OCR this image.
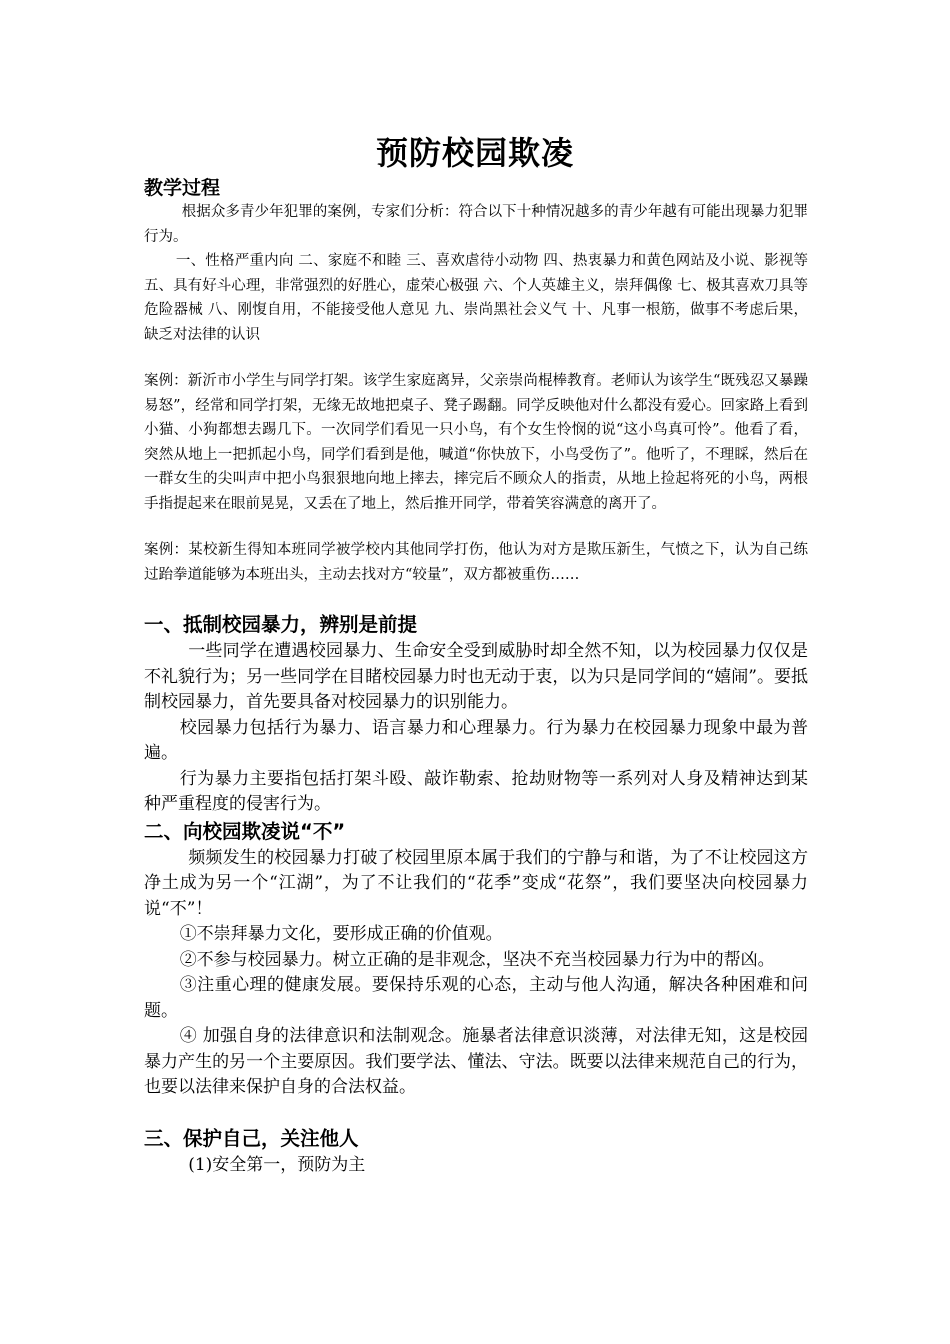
预防校园欺凌
教学过程

根据众多青少年犯罪的案例，专家们分析：符合以下十种情况越多的青少年越有可能出现暴力犯罪行为。

一、性格严重内向 二、家庭不和睦 三、喜欢虐待小动物 四、热衷暴力和黄色网站及小说、影视等 五、具有好斗心理，非常强烈的好胜心，虚荣心极强 六、个人英雄主义，崇拜偶像 七、极其喜欢刀具等危险器械 八、刚愎自用，不能接受他人意见 九、崇尚黑社会义气 十、凡事一根筋，做事不考虑后果，缺乏对法律的认识

案例：新沂市小学生与同学打架。该学生家庭离异，父亲崇尚棍棒教育。老师认为该学生“既残忍又暴躁易怒”，经常和同学打架，无缘无故地把桌子、凳子踢翻。同学反映他对什么都没有爱心。回家路上看到小猫、小狗都想去踢几下。一次同学们看见一只小鸟，有个女生怜悯的说“这小鸟真可怜”。他看了看，突然从地上一把抓起小鸟，同学们看到是他，喊道“你快放下，小鸟受伤了”。他听了，不理睬，然后在一群女生的尖叫声中把小鸟狠狠地向地上摔去，摔完后不顾众人的指责，从地上捡起将死的小鸟，两根手指提起来在眼前晃晃，又丢在了地上，然后推开同学，带着笑容满意的离开了。

案例：某校新生得知本班同学被学校内其他同学打伤，他认为对方是欺压新生，气愤之下，认为自己练过跆拳道能够为本班出头，主动去找对方“较量”，双方都被重伤……

一、抵制校园暴力，辨别是前提

一些同学在遭遇校园暴力、生命安全受到威胁时却全然不知，以为校园暴力仅仅是不礼貌行为；另一些同学在目睹校园暴力时也无动于衷，以为只是同学间的“嬉闹”。要抵制校园暴力，首先要具备对校园暴力的识别能力。

校园暴力包括行为暴力、语言暴力和心理暴力。行为暴力在校园暴力现象中最为普遍。

行为暴力主要指包括打架斗殴、敲诈勒索、抢劫财物等一系列对人身及精神达到某种严重程度的侵害行为。

二、向校园欺凌说“不”

频频发生的校园暴力打破了校园里原本属于我们的宁静与和谐，为了不让校园这方净土成为另一个“江湖”，为了不让我们的“花季”变成“花祭”，我们要坚决向校园暴力说“不”！

①不崇拜暴力文化，要形成正确的价值观。

②不参与校园暴力。树立正确的是非观念，坚决不充当校园暴力行为中的帮凶。

③注重心理的健康发展。要保持乐观的心态，主动与他人沟通，解决各种困难和问题。

④ 加强自身的法律意识和法制观念。施暴者法律意识淡薄，对法律无知，这是校园暴力产生的另一个主要原因。我们要学法、懂法、守法。既要以法律来规范自己的行为，也要以法律来保护自身的合法权益。

三、保护自己，关注他人

(1)安全第一，预防为主
